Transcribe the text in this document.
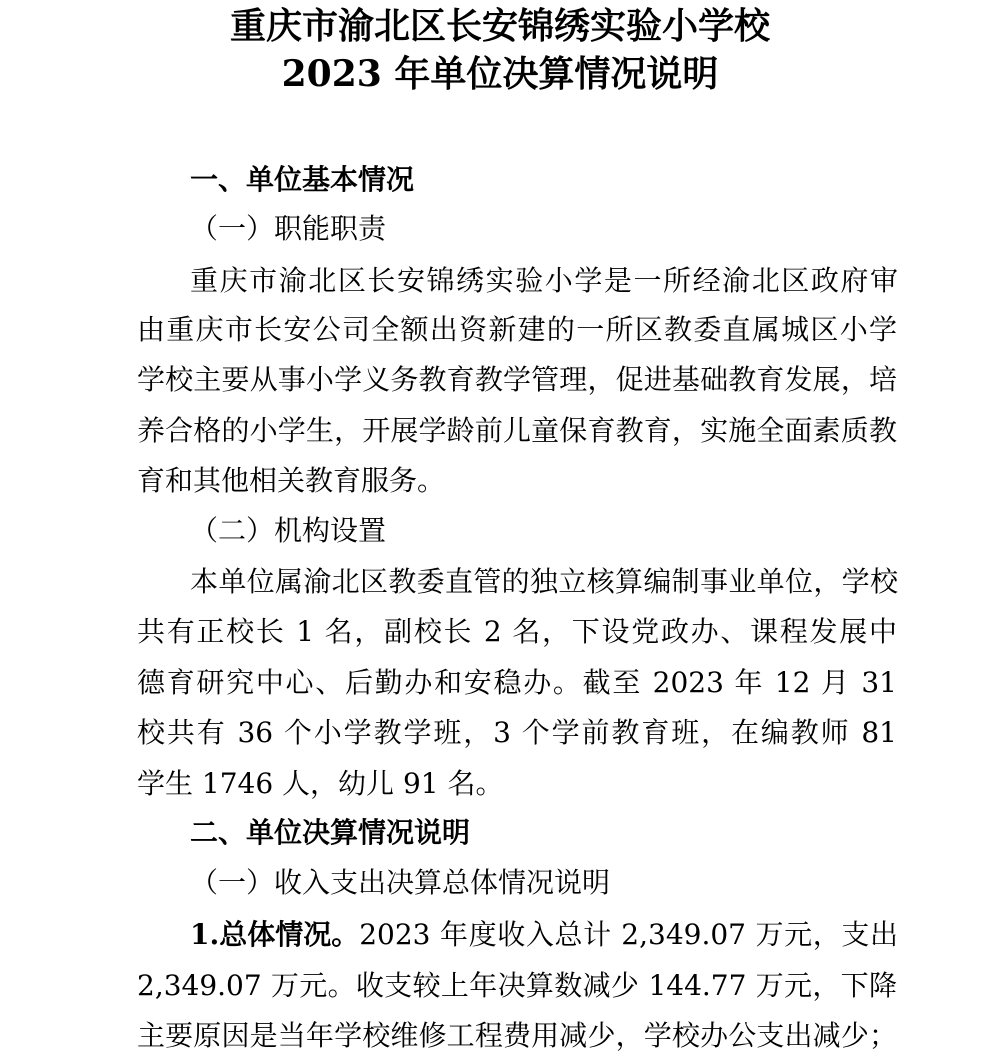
重庆市渝北区长安锦绣实验小学校
2023 年单位决算情况说明
一、单位基本情况
（一）职能职责
重庆市渝北区长安锦绣实验小学是一所经渝北区政府审
由重庆市长安公司全额出资新建的一所区教委直属城区小学
学校主要从事小学义务教育教学管理，促进基础教育发展，培
养合格的小学生，开展学龄前儿童保育教育，实施全面素质教
育和其他相关教育服务。
（二）机构设置
本单位属渝北区教委直管的独立核算编制事业单位，学校
共有正校长 1 名，副校长 2 名，下设党政办、课程发展中
德育研究中心、后勤办和安稳办。截至 2023 年 12 月 31
校共有 36 个小学教学班，3 个学前教育班，在编教师 81
学生 1746 人，幼儿 91 名。
二、单位决算情况说明
（一）收入支出决算总体情况说明
1.总体情况。 2023 年度收入总计 2,349.07 万元，支出
2,349.07 万元。收支较上年决算数减少 144.77 万元，下降
主要原因是当年学校维修工程费用减少，学校办公支出减少；
